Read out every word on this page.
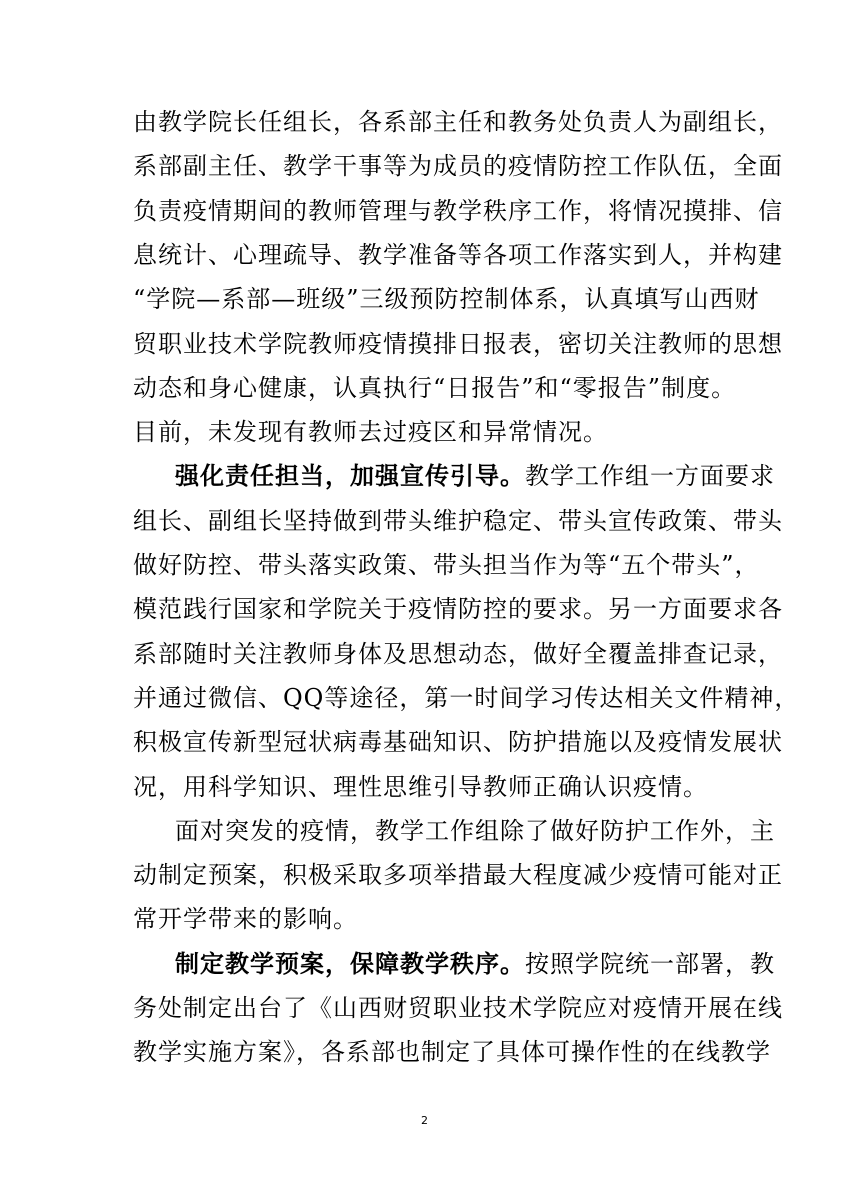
由教学院长任组长，各系部主任和教务处负责人为副组长，
系部副主任、教学干事等为成员的疫情防控工作队伍，全面
负责疫情期间的教师管理与教学秩序工作，将情况摸排、信
息统计、心理疏导、教学准备等各项工作落实到人，并构建
“学院—系部—班级”三级预防控制体系，认真填写山西财
贸职业技术学院教师疫情摸排日报表，密切关注教师的思想
动态和身心健康，认真执行“日报告”和“零报告”制度。
目前，未发现有教师去过疫区和异常情况。
强化责任担当，加强宣传引导。教学工作组一方面要求
组长、副组长坚持做到带头维护稳定、带头宣传政策、带头
做好防控、带头落实政策、带头担当作为等“五个带头”，
模范践行国家和学院关于疫情防控的要求。另一方面要求各
系部随时关注教师身体及思想动态，做好全覆盖排查记录，
并通过微信、QQ等途径，第一时间学习传达相关文件精神，
积极宣传新型冠状病毒基础知识、防护措施以及疫情发展状
况，用科学知识、理性思维引导教师正确认识疫情。
面对突发的疫情，教学工作组除了做好防护工作外，主
动制定预案，积极采取多项举措最大程度减少疫情可能对正
常开学带来的影响。
制定教学预案，保障教学秩序。按照学院统一部署，教
务处制定出台了《山西财贸职业技术学院应对疫情开展在线
教学实施方案》，各系部也制定了具体可操作性的在线教学
2
